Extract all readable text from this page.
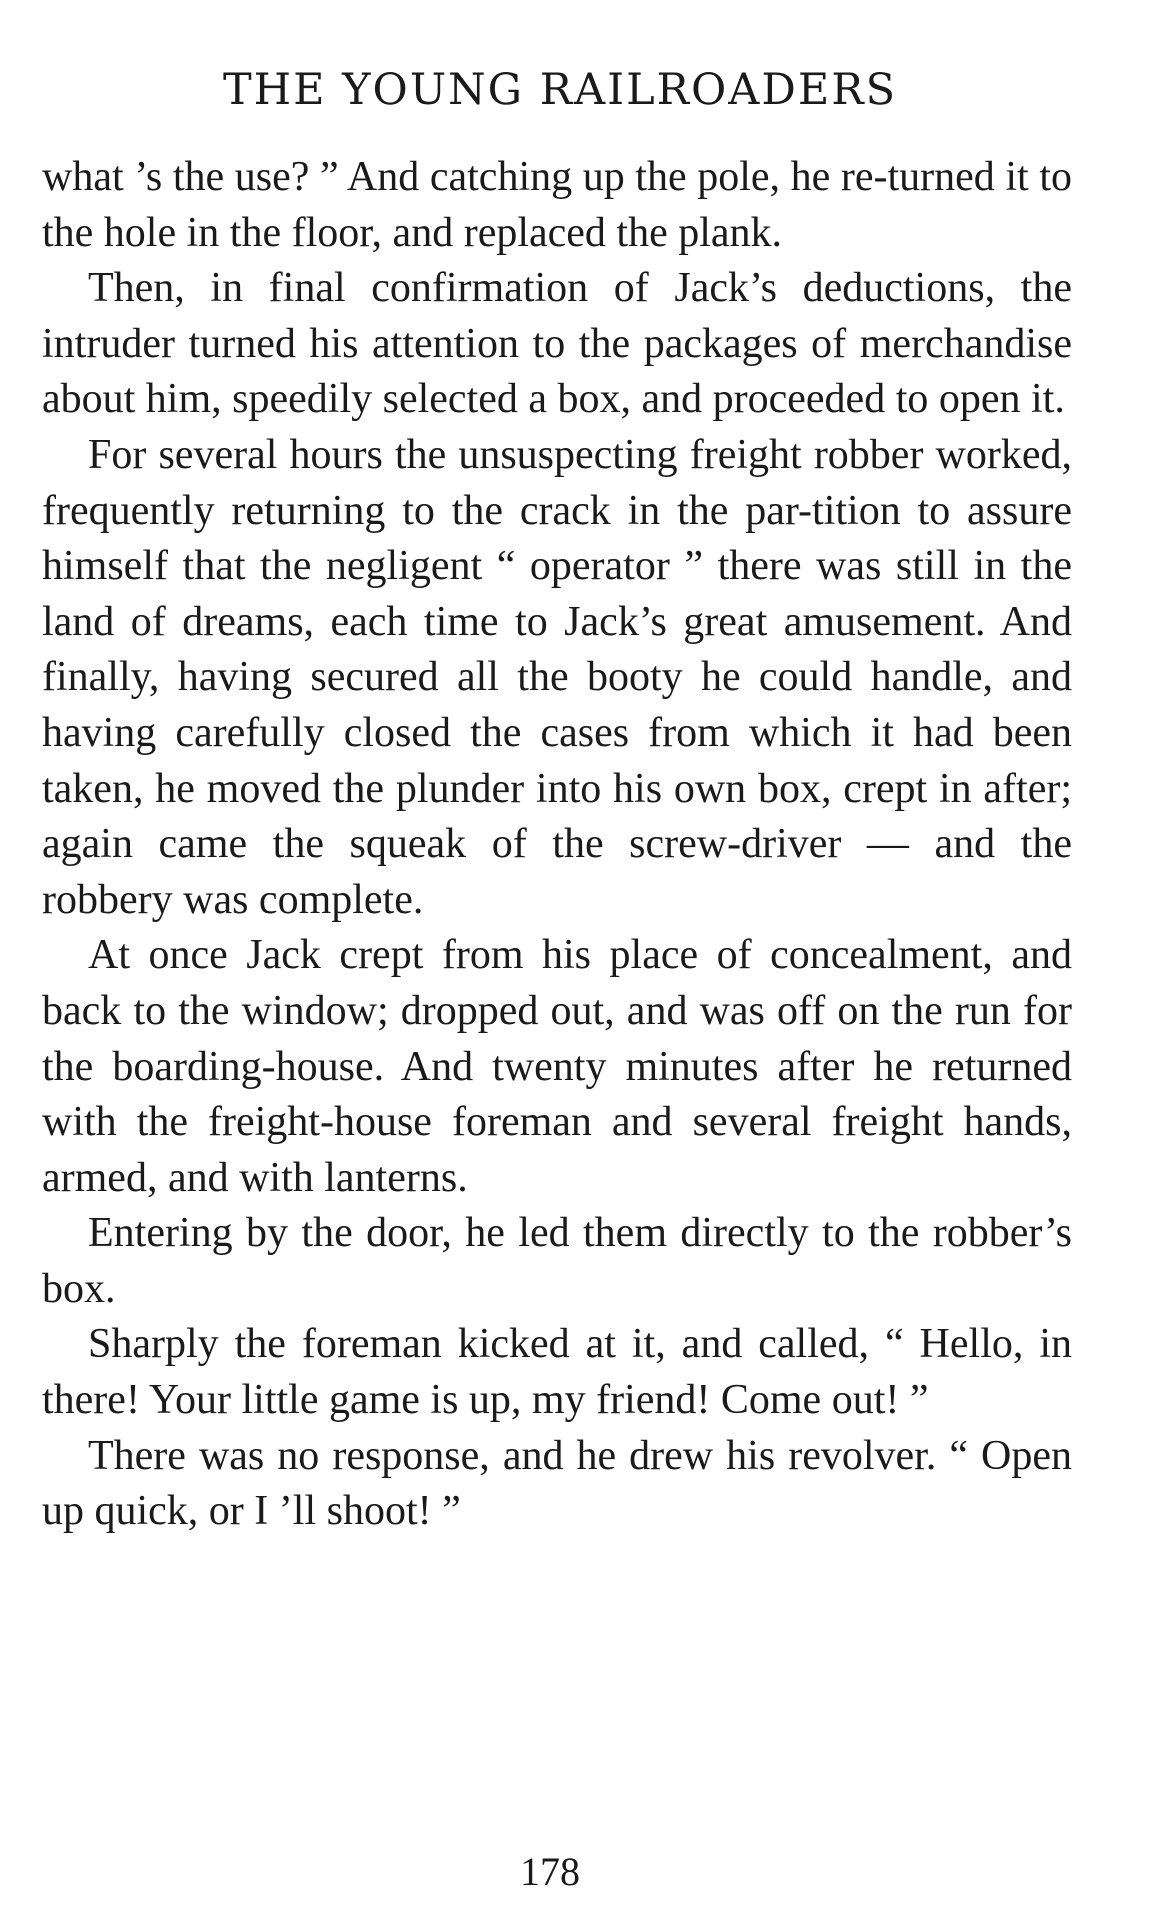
THE YOUNG RAILROADERS

what ’s the use? ” And catching up the pole, he re-turned it to the hole in the floor, and replaced the plank.

Then, in final confirmation of Jack’s deductions, the intruder turned his attention to the packages of merchandise about him, speedily selected a box, and proceeded to open it.

For several hours the unsuspecting freight robber worked, frequently returning to the crack in the par-tition to assure himself that the negligent “ operator ” there was still in the land of dreams, each time to Jack’s great amusement. And finally, having secured all the booty he could handle, and having carefully closed the cases from which it had been taken, he moved the plunder into his own box, crept in after; again came the squeak of the screw-driver — and the robbery was complete.

At once Jack crept from his place of concealment, and back to the window; dropped out, and was off on the run for the boarding-house. And twenty minutes after he returned with the freight-house foreman and several freight hands, armed, and with lanterns.

Entering by the door, he led them directly to the robber’s box.

Sharply the foreman kicked at it, and called, “ Hello, in there! Your little game is up, my friend! Come out! ”

There was no response, and he drew his revolver. “ Open up quick, or I ’ll shoot! ”

178
